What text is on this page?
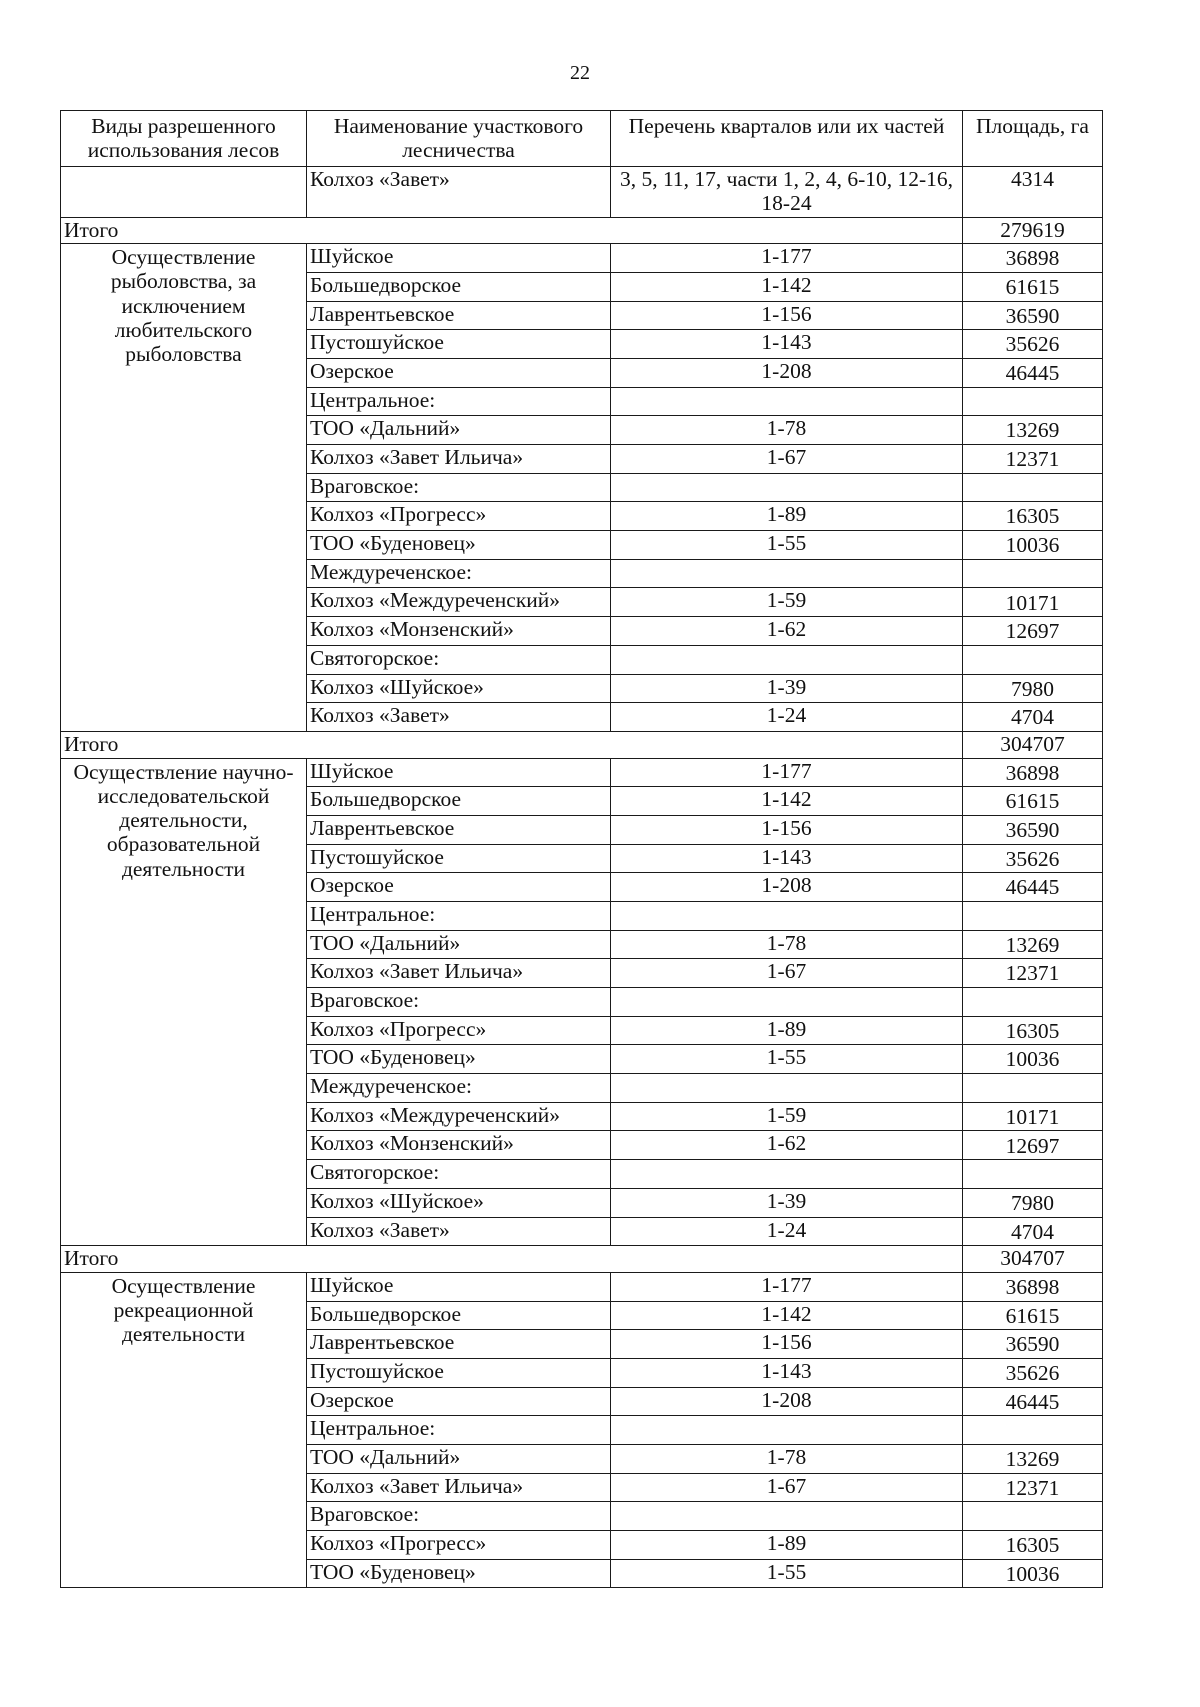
22
Виды разрешенного использования лесов	Наименование участкового лесничества	Перечень кварталов или их частей	Площадь, га
	Колхоз «Завет»	3, 5, 11, 17, части 1, 2, 4, 6-10, 12-16, 18-24	4314
Итого			279619
Осуществление рыболовства, за исключением любительского рыболовства	Шуйское	1-177	36898
	Большедворское	1-142	61615
	Лаврентьевское	1-156	36590
	Пустошуйское	1-143	35626
	Озерское	1-208	46445
	Центральное:		
	ТОО «Дальний»	1-78	13269
	Колхоз «Завет Ильича»	1-67	12371
	Враговское:		
	Колхоз «Прогресс»	1-89	16305
	ТОО «Буденовец»	1-55	10036
	Междуреченское:		
	Колхоз «Междуреченский»	1-59	10171
	Колхоз «Монзенский»	1-62	12697
	Святогорское:		
	Колхоз «Шуйское»	1-39	7980
	Колхоз «Завет»	1-24	4704
Итого			304707
Осуществление научно-исследовательской деятельности, образовательной деятельности	Шуйское	1-177	36898
	Большедворское	1-142	61615
	Лаврентьевское	1-156	36590
	Пустошуйское	1-143	35626
	Озерское	1-208	46445
	Центральное:		
	ТОО «Дальний»	1-78	13269
	Колхоз «Завет Ильича»	1-67	12371
	Враговское:		
	Колхоз «Прогресс»	1-89	16305
	ТОО «Буденовец»	1-55	10036
	Междуреченское:		
	Колхоз «Междуреченский»	1-59	10171
	Колхоз «Монзенский»	1-62	12697
	Святогорское:		
	Колхоз «Шуйское»	1-39	7980
	Колхоз «Завет»	1-24	4704
Итого			304707
Осуществление рекреационной деятельности	Шуйское	1-177	36898
	Большедворское	1-142	61615
	Лаврентьевское	1-156	36590
	Пустошуйское	1-143	35626
	Озерское	1-208	46445
	Центральное:		
	ТОО «Дальний»	1-78	13269
	Колхоз «Завет Ильича»	1-67	12371
	Враговское:		
	Колхоз «Прогресс»	1-89	16305
	ТОО «Буденовец»	1-55	10036
